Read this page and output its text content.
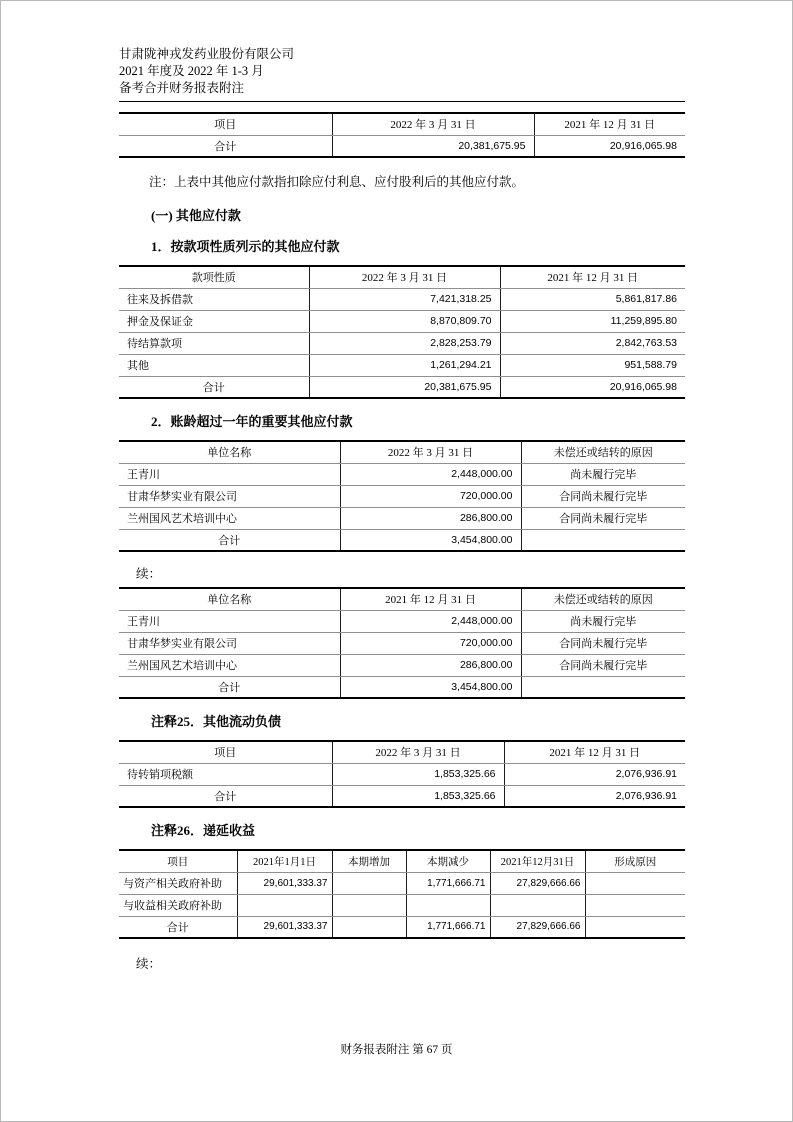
甘肃陇神戎发药业股份有限公司
2021 年度及 2022 年 1-3 月
备考合并财务报表附注
项目	2022 年 3 月 31 日	2021 年 12 月 31 日
合计	20,381,675.95	20,916,065.98

注：上表中其他应付款指扣除应付利息、应付股利后的其他应付款。

(一) 其他应付款
1．按款项性质列示的其他应付款
款项性质	2022 年 3 月 31 日	2021 年 12 月 31 日
往来及拆借款	7,421,318.25	5,861,817.86
押金及保证金	8,870,809.70	11,259,895.80
待结算款项	2,828,253.79	2,842,763.53
其他	1,261,294.21	951,588.79
合计	20,381,675.95	20,916,065.98
2．账龄超过一年的重要其他应付款
单位名称	2022 年 3 月 31 日	未偿还或结转的原因
王青川	2,448,000.00	尚未履行完毕
甘肃华梦实业有限公司	720,000.00	合同尚未履行完毕
兰州国风艺术培训中心	286,800.00	合同尚未履行完毕
合计	3,454,800.00	
续：
单位名称	2021 年 12 月 31 日	未偿还或结转的原因
王青川	2,448,000.00	尚未履行完毕
甘肃华梦实业有限公司	720,000.00	合同尚未履行完毕
兰州国风艺术培训中心	286,800.00	合同尚未履行完毕
合计	3,454,800.00	
注释25．其他流动负债
项目	2022 年 3 月 31 日	2021 年 12 月 31 日
待转销项税额	1,853,325.66	2,076,936.91
合计	1,853,325.66	2,076,936.91
注释26．递延收益
项目	2021年1月1日	本期增加	本期减少	2021年12月31日	形成原因
与资产相关政府补助	29,601,333.37		1,771,666.71	27,829,666.66	
与收益相关政府补助					
合计	29,601,333.37		1,771,666.71	27,829,666.66	
续：
财务报表附注 第 67 页
